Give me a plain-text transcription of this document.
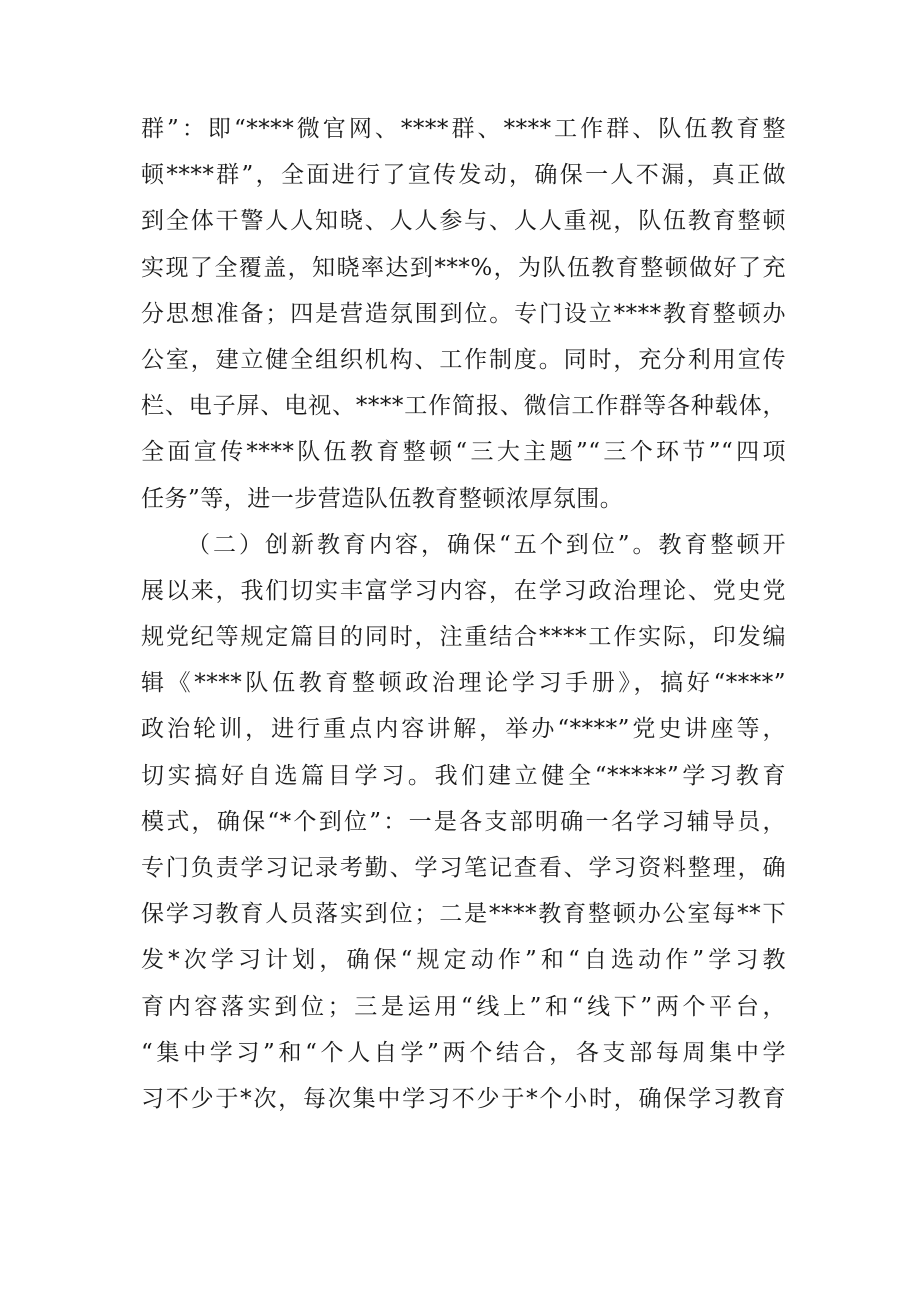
群”：即“****微官网、****群、****工作群、队伍教育整
顿****群”，全面进行了宣传发动，确保一人不漏，真正做
到全体干警人人知晓、人人参与、人人重视，队伍教育整顿
实现了全覆盖，知晓率达到***%，为队伍教育整顿做好了充
分思想准备；四是营造氛围到位。专门设立****教育整顿办
公室，建立健全组织机构、工作制度。同时，充分利用宣传
栏、电子屏、电视、****工作简报、微信工作群等各种载体，
全面宣传****队伍教育整顿“三大主题”“三个环节”“四项
任务”等，进一步营造队伍教育整顿浓厚氛围。
（二）创新教育内容，确保“五个到位”。教育整顿开
展以来，我们切实丰富学习内容，在学习政治理论、党史党
规党纪等规定篇目的同时，注重结合****工作实际，印发编
辑《****队伍教育整顿政治理论学习手册》，搞好“****”
政治轮训，进行重点内容讲解，举办“****”党史讲座等，
切实搞好自选篇目学习。我们建立健全“*****”学习教育
模式，确保“*个到位”：一是各支部明确一名学习辅导员，
专门负责学习记录考勤、学习笔记查看、学习资料整理，确
保学习教育人员落实到位；二是****教育整顿办公室每**下
发*次学习计划，确保“规定动作”和“自选动作”学习教
育内容落实到位；三是运用“线上”和“线下”两个平台，
“集中学习”和“个人自学”两个结合，各支部每周集中学
习不少于*次，每次集中学习不少于*个小时，确保学习教育
